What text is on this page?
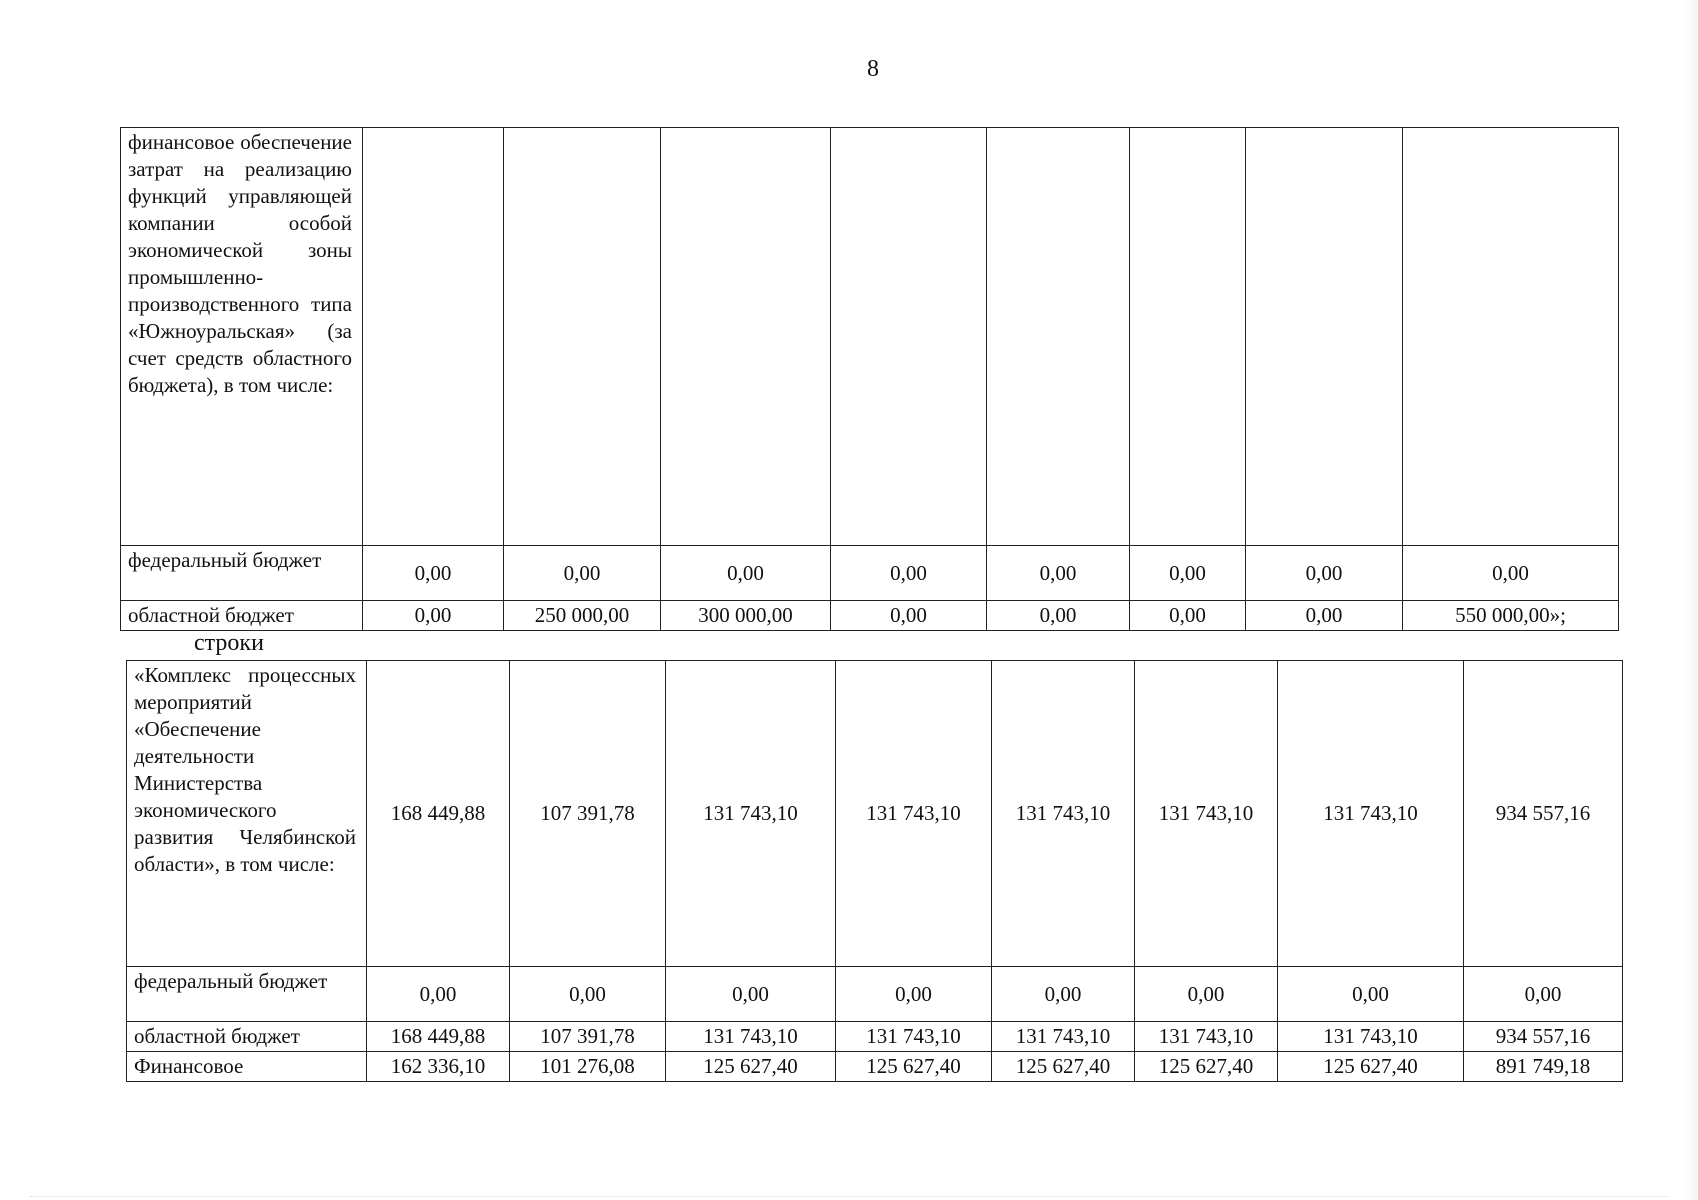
8
финансовое обеспечение затрат на реализацию функций управляющей компании особой экономической зоны промышленно-производственного типа «Южноуральская» (за счет средств областного бюджета), в том числе:								
федеральный бюджет	0,00	0,00	0,00	0,00	0,00	0,00	0,00	0,00
областной бюджет	0,00	250 000,00	300 000,00	0,00	0,00	0,00	0,00	550 000,00»;
строки
«Комплекс процессных мероприятий «Обеспечение деятельности Министерства экономического развития Челябинской области», в том числе:	168 449,88	107 391,78	131 743,10	131 743,10	131 743,10	131 743,10	131 743,10	934 557,16
федеральный бюджет	0,00	0,00	0,00	0,00	0,00	0,00	0,00	0,00
областной бюджет	168 449,88	107 391,78	131 743,10	131 743,10	131 743,10	131 743,10	131 743,10	934 557,16
Финансовое	162 336,10	101 276,08	125 627,40	125 627,40	125 627,40	125 627,40	125 627,40	891 749,18
